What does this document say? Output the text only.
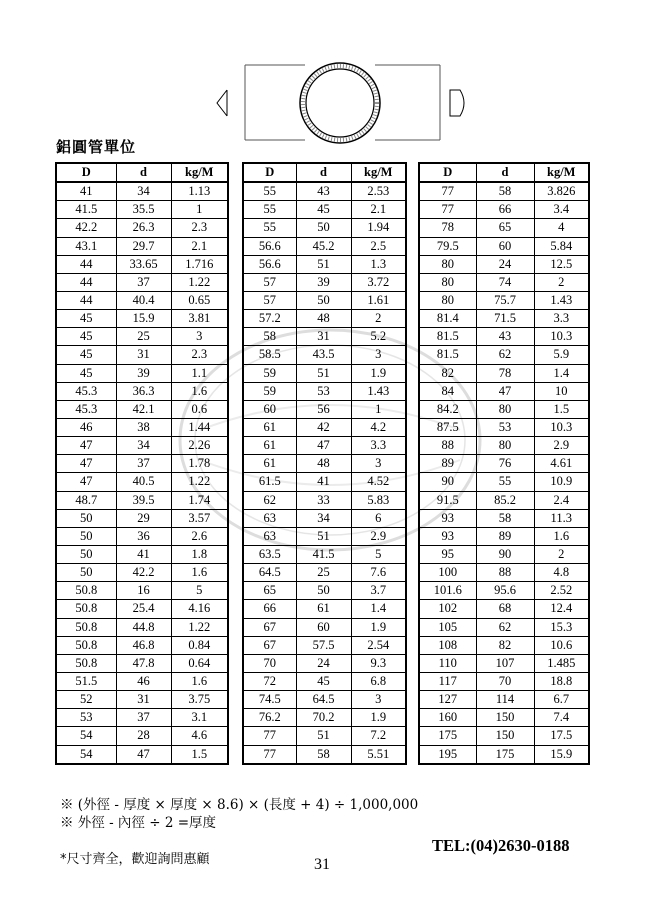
鋁圓管單位
D	d	kg/M
41	34	1.13
41.5	35.5	1
42.2	26.3	2.3
43.1	29.7	2.1
44	33.65	1.716
44	37	1.22
44	40.4	0.65
45	15.9	3.81
45	25	3
45	31	2.3
45	39	1.1
45.3	36.3	1.6
45.3	42.1	0.6
46	38	1.44
47	34	2.26
47	37	1.78
47	40.5	1.22
48.7	39.5	1.74
50	29	3.57
50	36	2.6
50	41	1.8
50	42.2	1.6
50.8	16	5
50.8	25.4	4.16
50.8	44.8	1.22
50.8	46.8	0.84
50.8	47.8	0.64
51.5	46	1.6
52	31	3.75
53	37	3.1
54	28	4.6
54	47	1.5
D	d	kg/M
55	43	2.53
55	45	2.1
55	50	1.94
56.6	45.2	2.5
56.6	51	1.3
57	39	3.72
57	50	1.61
57.2	48	2
58	31	5.2
58.5	43.5	3
59	51	1.9
59	53	1.43
60	56	1
61	42	4.2
61	47	3.3
61	48	3
61.5	41	4.52
62	33	5.83
63	34	6
63	51	2.9
63.5	41.5	5
64.5	25	7.6
65	50	3.7
66	61	1.4
67	60	1.9
67	57.5	2.54
70	24	9.3
72	45	6.8
74.5	64.5	3
76.2	70.2	1.9
77	51	7.2
77	58	5.51
D	d	kg/M
77	58	3.826
77	66	3.4
78	65	4
79.5	60	5.84
80	24	12.5
80	74	2
80	75.7	1.43
81.4	71.5	3.3
81.5	43	10.3
81.5	62	5.9
82	78	1.4
84	47	10
84.2	80	1.5
87.5	53	10.3
88	80	2.9
89	76	4.61
90	55	10.9
91.5	85.2	2.4
93	58	11.3
93	89	1.6
95	90	2
100	88	4.8
101.6	95.6	2.52
102	68	12.4
105	62	15.3
108	82	10.6
110	107	1.485
117	70	18.8
127	114	6.7
160	150	7.4
175	150	17.5
195	175	15.9
※ (外徑 - 厚度 × 厚度 × 8.6) × (長度 + 4) ÷ 1,000,000
※ 外徑 - 內徑 ÷ 2 =厚度
TEL:(04)2630-0188
*尺寸齊全，歡迎詢問惠顧	31
